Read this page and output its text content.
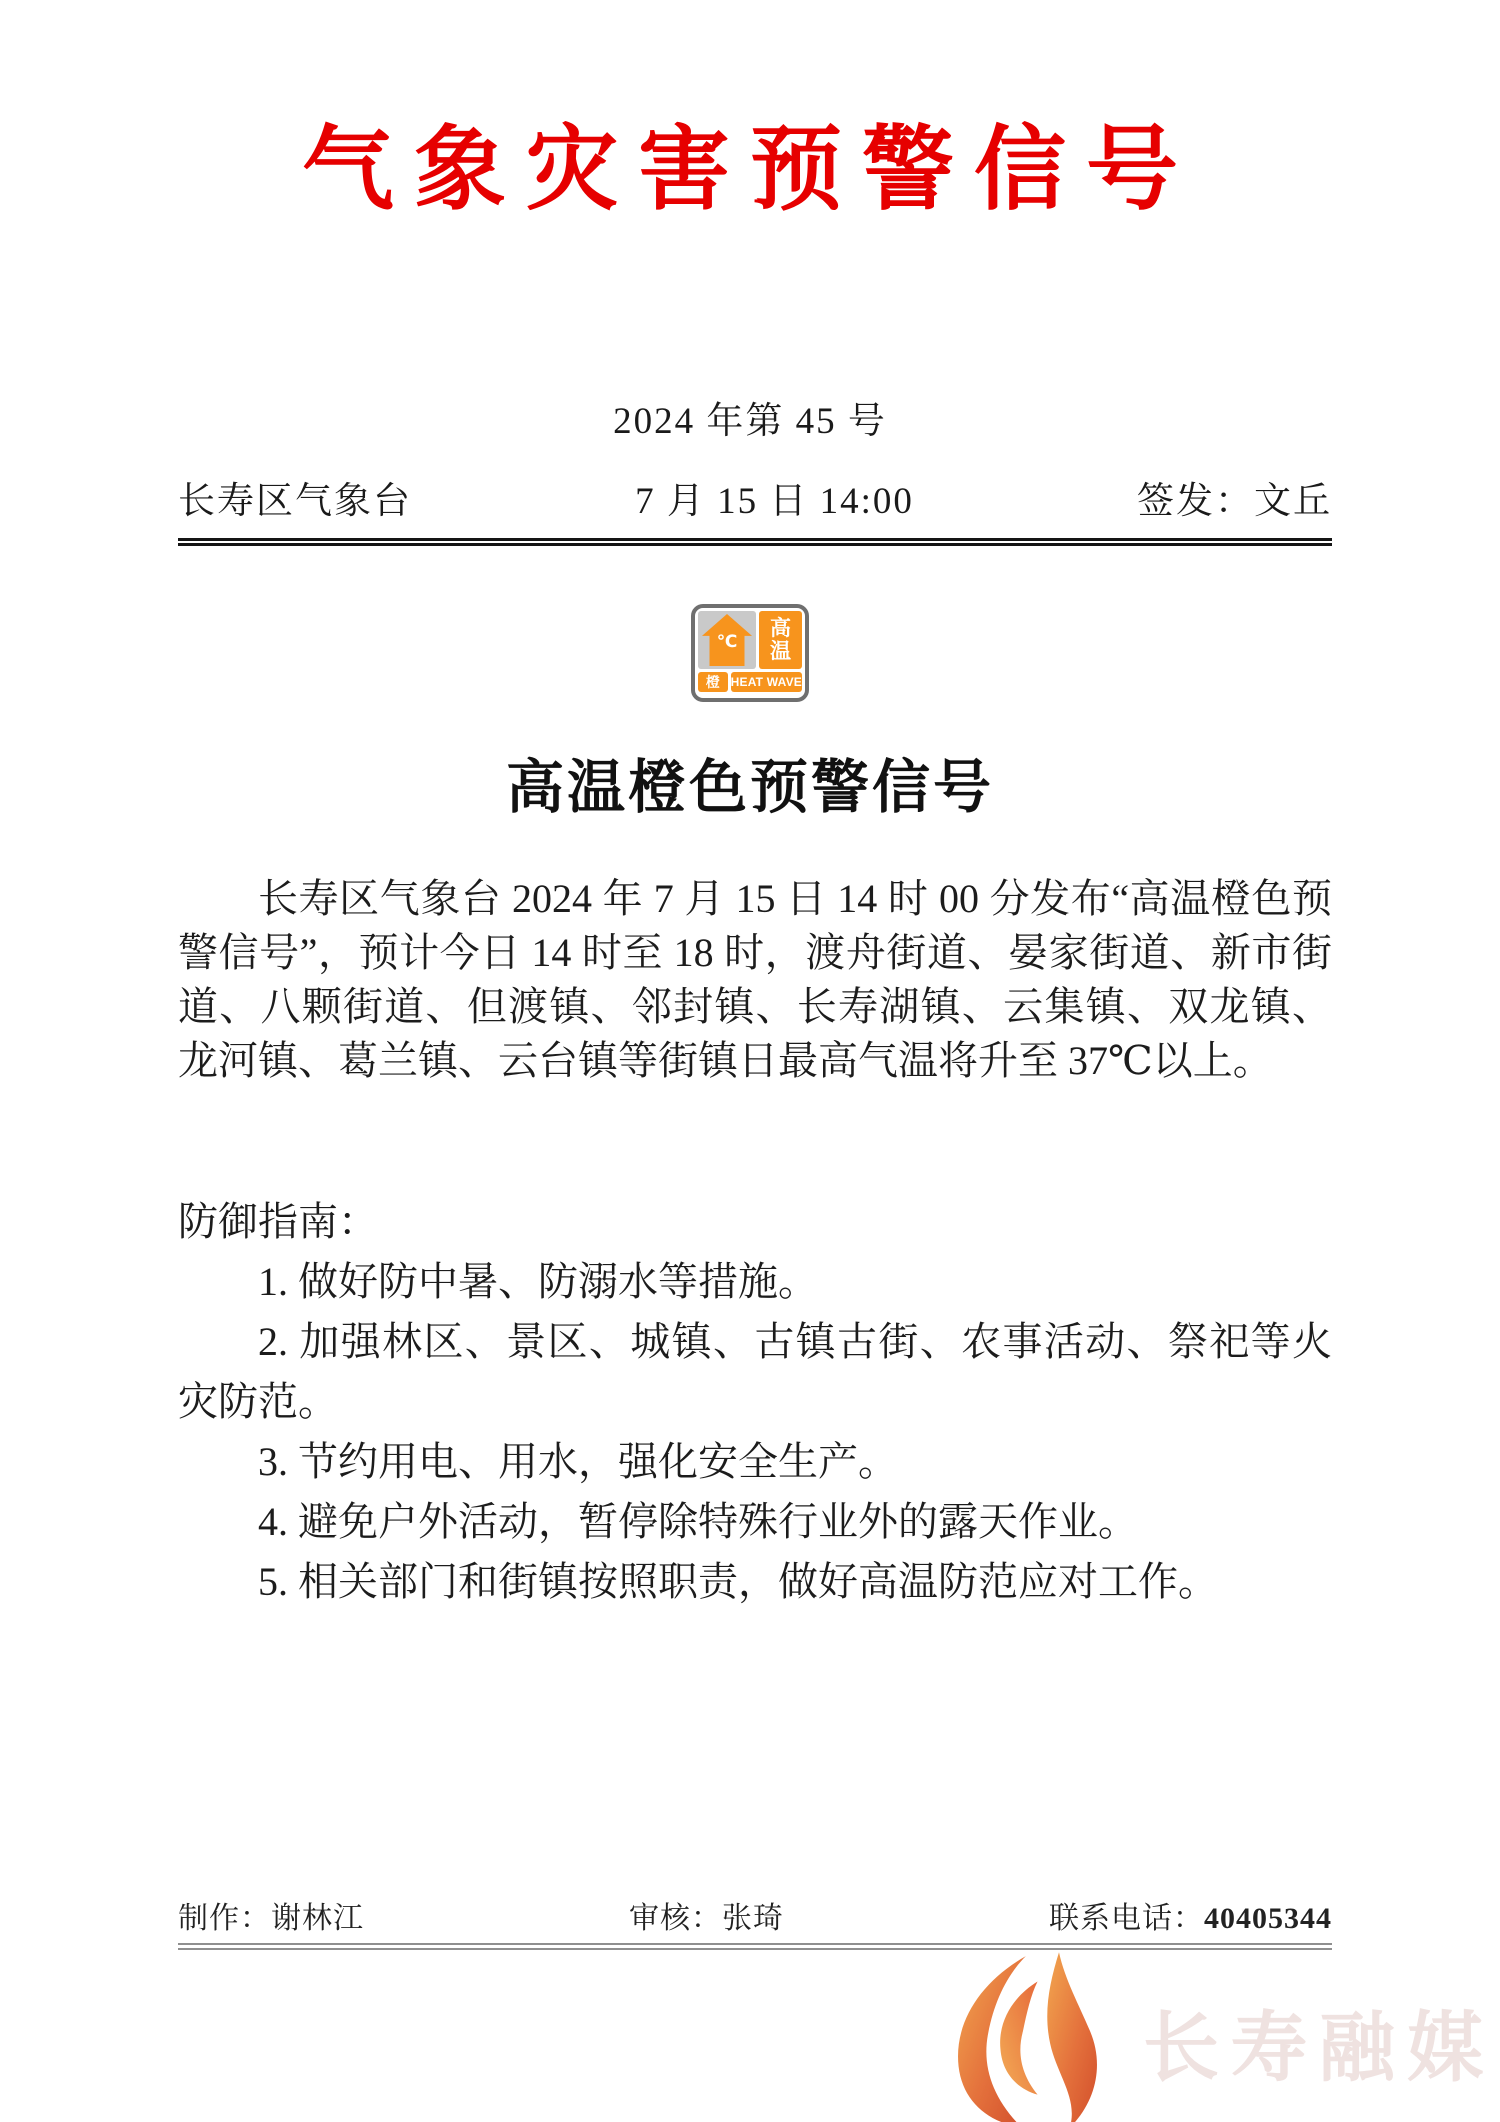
气象灾害预警信号
2024 年第 45 号
长寿区气象台	7 月 15 日 14:00	签发：文丘
℃
高
温
橙 HEAT WAVE
高温橙色预警信号
长寿区气象台 2024 年 7 月 15 日 14 时 00 分发布“高温橙色预警信号”，预计今日 14 时至 18 时，渡舟街道、晏家街道、新市街道、八颗街道、但渡镇、邻封镇、长寿湖镇、云集镇、双龙镇、龙河镇、葛兰镇、云台镇等街镇日最高气温将升至 37℃以上。

防御指南：

1. 做好防中暑、防溺水等措施。

2. 加强林区、景区、城镇、古镇古街、农事活动、祭祀等火灾防范。

3. 节约用电、用水，强化安全生产。

4. 避免户外活动，暂停除特殊行业外的露天作业。

5. 相关部门和街镇按照职责，做好高温防范应对工作。

制作：谢林江	审核：张琦	联系电话：40405344
长寿融媒
